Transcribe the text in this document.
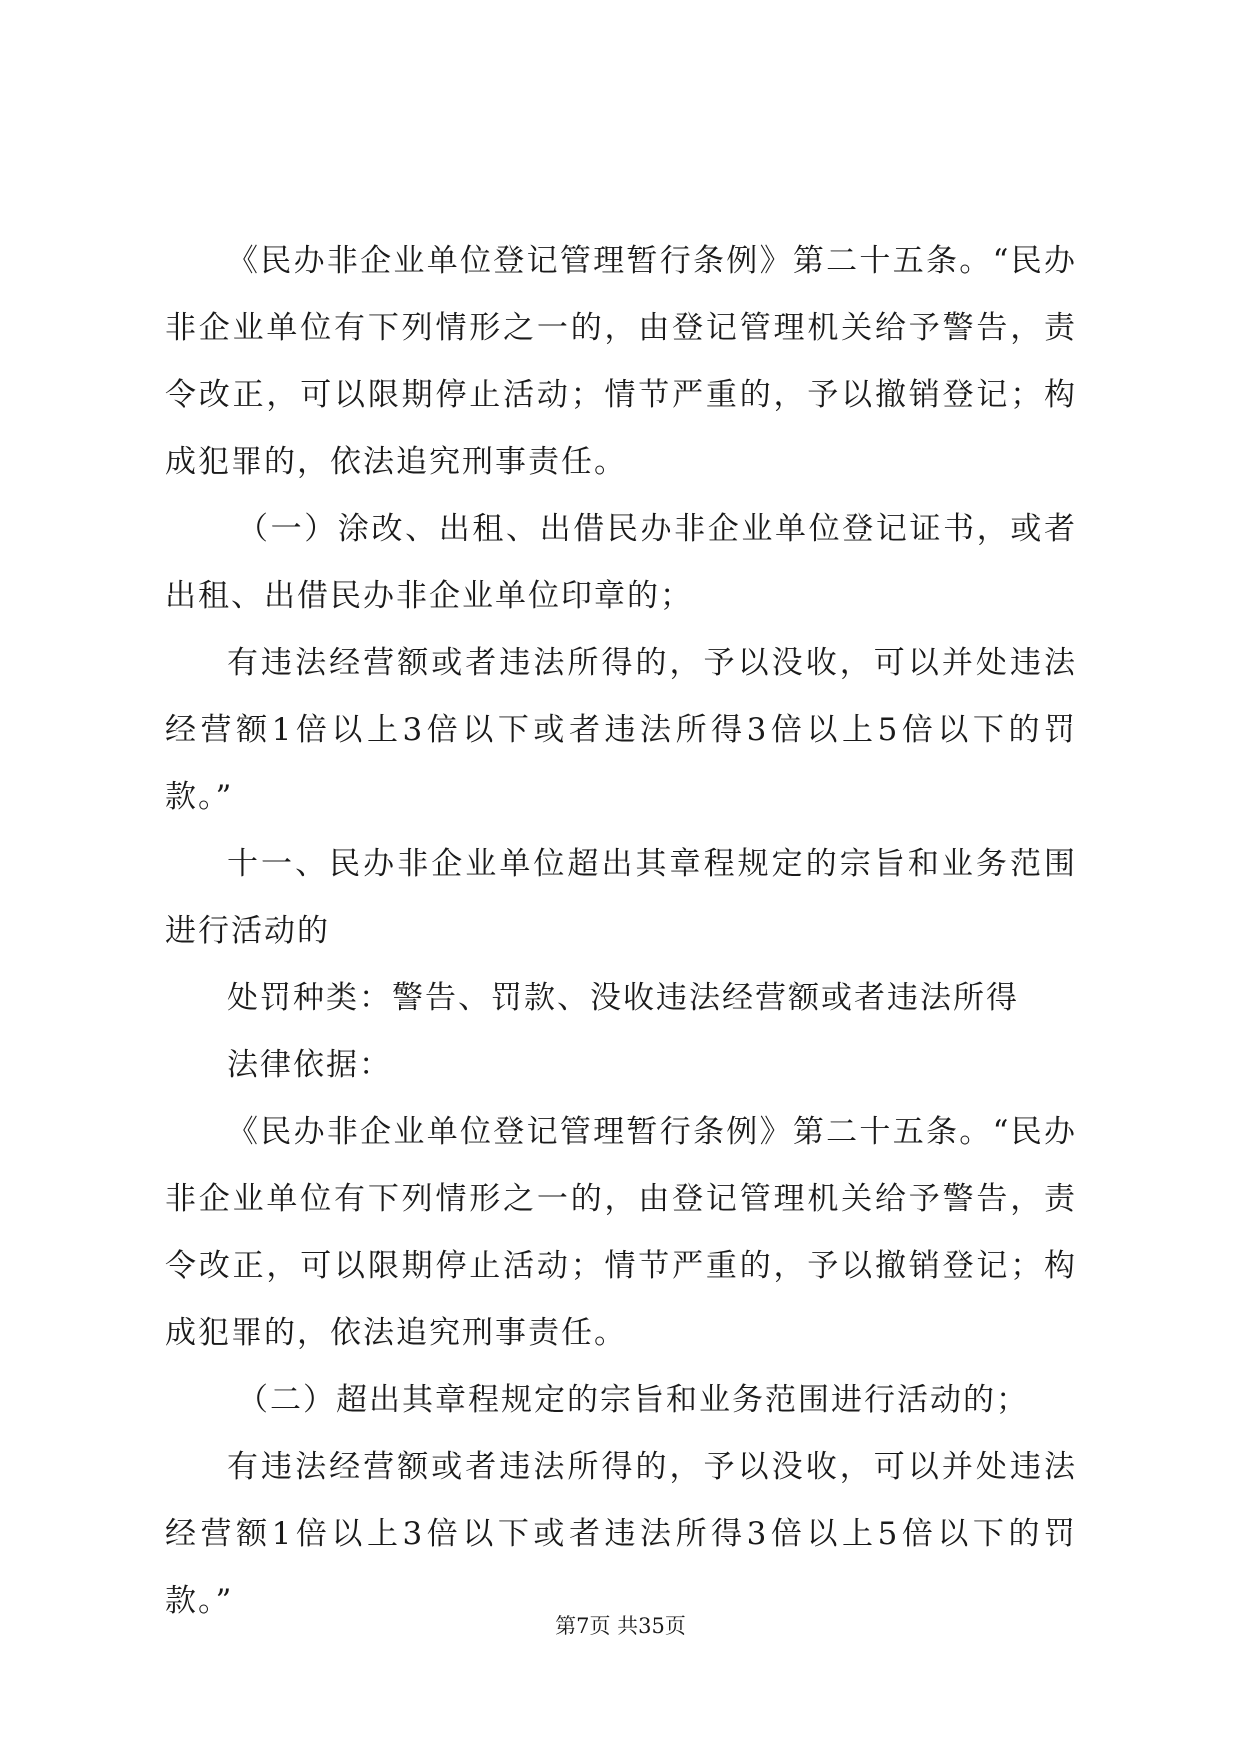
《民办非企业单位登记管理暂行条例》第二十五条。“民办非企业单位有下列情形之一的，由登记管理机关给予警告，责令改正，可以限期停止活动；情节严重的，予以撤销登记；构成犯罪的，依法追究刑事责任。

（一）涂改、出租、出借民办非企业单位登记证书，或者出租、出借民办非企业单位印章的；

有违法经营额或者违法所得的，予以没收，可以并处违法经营额1倍以上3倍以下或者违法所得3倍以上5倍以下的罚款。”

十一、民办非企业单位超出其章程规定的宗旨和业务范围进行活动的

处罚种类：警告、罚款、没收违法经营额或者违法所得

法律依据：

《民办非企业单位登记管理暂行条例》第二十五条。“民办非企业单位有下列情形之一的，由登记管理机关给予警告，责令改正，可以限期停止活动；情节严重的，予以撤销登记；构成犯罪的，依法追究刑事责任。

（二）超出其章程规定的宗旨和业务范围进行活动的；

有违法经营额或者违法所得的，予以没收，可以并处违法经营额1倍以上3倍以下或者违法所得3倍以上5倍以下的罚款。”

第7页 共35页
